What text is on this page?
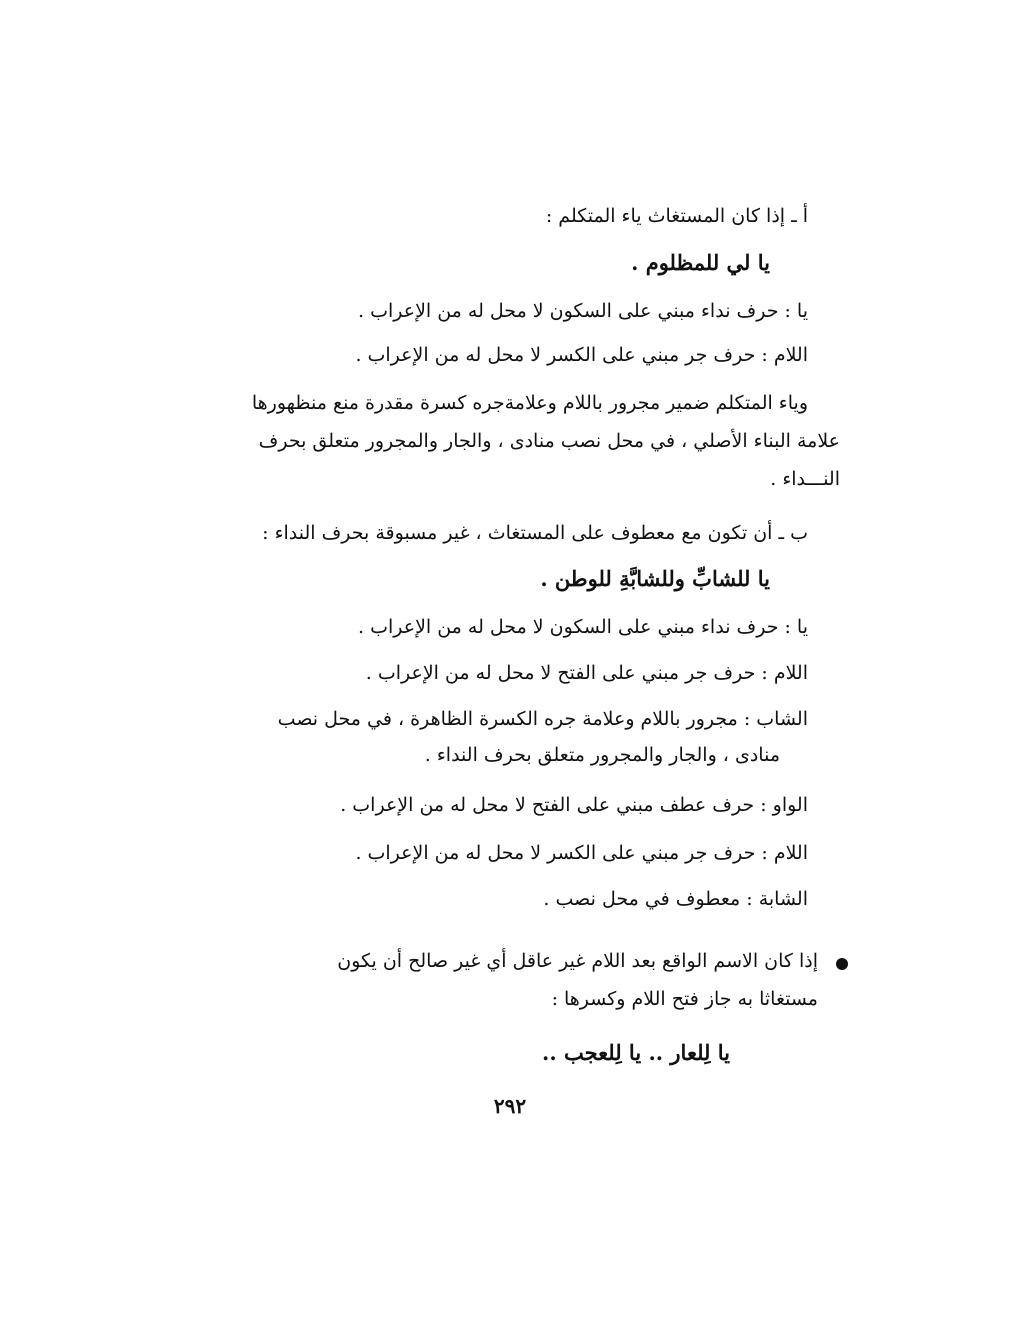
أ ـ إذا كان المستغاث ياء المتكلم :
يا لي للمظلوم .
يا : حرف نداء مبني على السكون لا محل له من الإعراب .
اللام : حرف جر مبني على الكسر لا محل له من الإعراب .
وياء المتكلم ضمير مجرور باللام وعلامةجره كسرة مقدرة منع منظهورها
علامة البناء الأصلي ، في محل نصب منادى ، والجار والمجرور متعلق بحرف
النـــداء .
ب ـ أن تكون مع معطوف على المستغاث ، غير مسبوقة بحرف النداء :
يا للشابِّ وللشابَّةِ للوطن .
يا : حرف نداء مبني على السكون لا محل له من الإعراب .
اللام : حرف جر مبني على الفتح لا محل له من الإعراب .
الشاب : مجرور باللام وعلامة جره الكسرة الظاهرة ، في محل نصب
منادى ، والجار والمجرور متعلق بحرف النداء .
الواو : حرف عطف مبني على الفتح لا محل له من الإعراب .
اللام : حرف جر مبني على الكسر لا محل له من الإعراب .
الشابة : معطوف في محل نصب .
إذا كان الاسم الواقع بعد اللام غير عاقل أي غير صالح أن يكون
مستغاثا به جاز فتح اللام وكسرها :
يا لِلعار .. يا لِلعجب ..
٢٩٢
